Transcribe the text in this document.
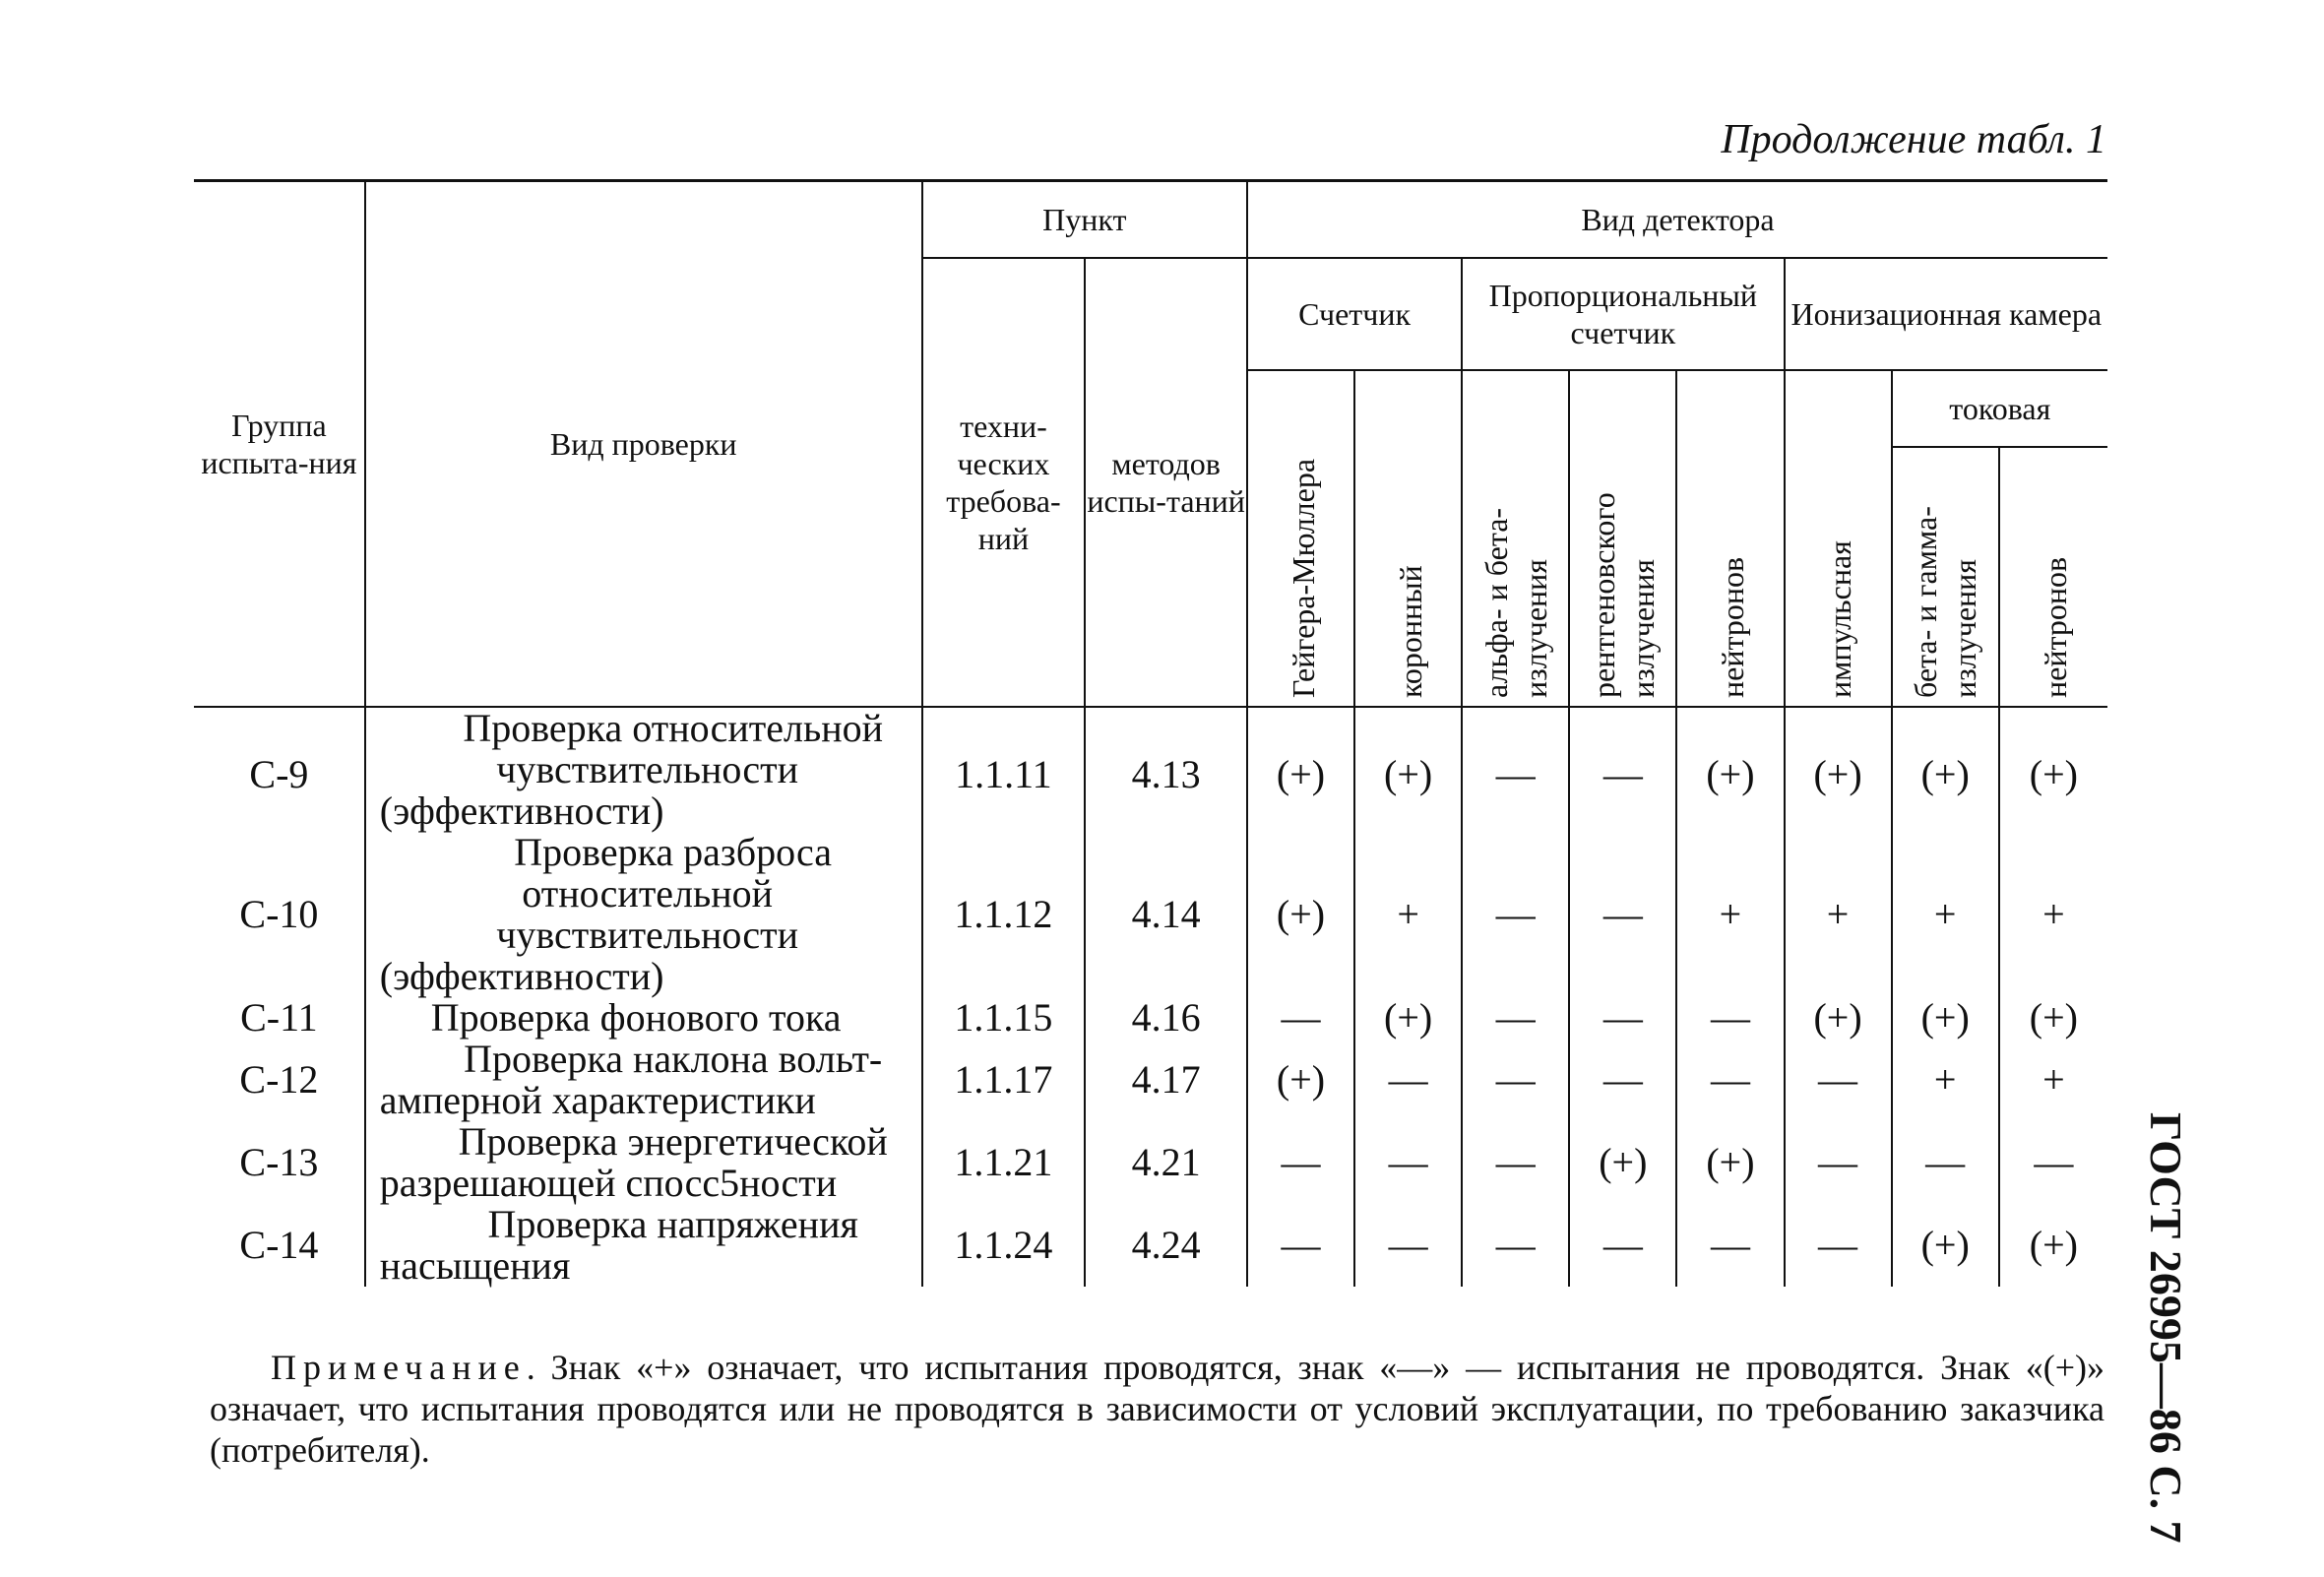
Продолжение табл. 1
Группа испыта-ния	Вид проверки	Пункт		Вид детектора							
		техни-ческих требова-ний	методов испы-таний	Счетчик		Пропорциональный счетчик			Ионизационная камера		

				Гейгера-Мюллера	коронный	альфа- и бета-излучения	рентгеновского излучения	нейтронов	импульсная	токовая	

										бета- и гамма-излучения	нейтронов

С-9	Проверка относительной чувствительности (эффективности)	1.1.11	4.13	(+)	(+)	—	—	(+)	(+)	(+)	(+)
С-10	Проверка разброса относительной чувствительности (эффективности)	1.1.12	4.14	(+)	+	—	—	+	+	+	+
С-11	Проверка фонового тока	1.1.15	4.16	—	(+)	—	—	—	(+)	(+)	(+)
С-12	Проверка наклона вольт-амперной характеристики	1.1.17	4.17	(+)	—	—	—	—	—	+	+
С-13	Проверка энергетической разрешающей спосс5ности	1.1.21	4.21	—	—	—	(+)	(+)	—	—	—
С-14	Проверка напряжения насыщения	1.1.24	4.24	—	—	—	—	—	—	(+)	(+) ГОСТ 26995—86 С. 7
Примечание. Знак «+» означает, что испытания проводятся, знак «—» — испытания не проводятся. Знак «(+)» означает, что испытания проводятся или не проводятся в зависимости от условий эксплуатации, по требованию заказчика (потребителя).
